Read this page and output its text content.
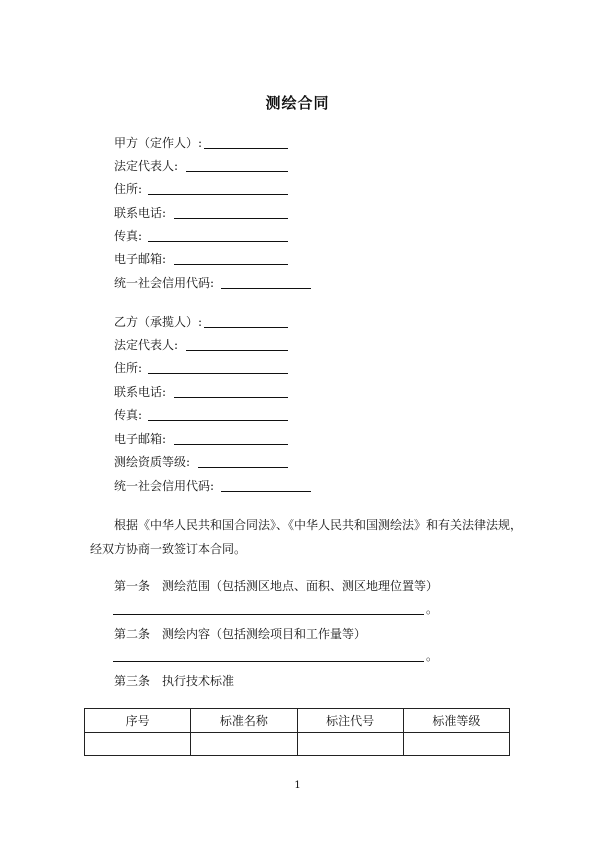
测绘合同
甲方（定作人）:
法定代表人:
住所:
联系电话:
传真:
电子邮箱:
统一社会信用代码:
乙方（承揽人）:
法定代表人:
住所:
联系电话:
传真:
电子邮箱:
测绘资质等级:
统一社会信用代码:
根据《中华人民共和国合同法》、《中华人民共和国测绘法》和有关法律法规，
经双方协商一致签订本合同。
第一条　测绘范围（包括测区地点、面积、测区地理位置等）
。
第二条　测绘内容（包括测绘项目和工作量等）
。
第三条　执行技术标准
序号	标准名称	标注代号	标准等级

1
